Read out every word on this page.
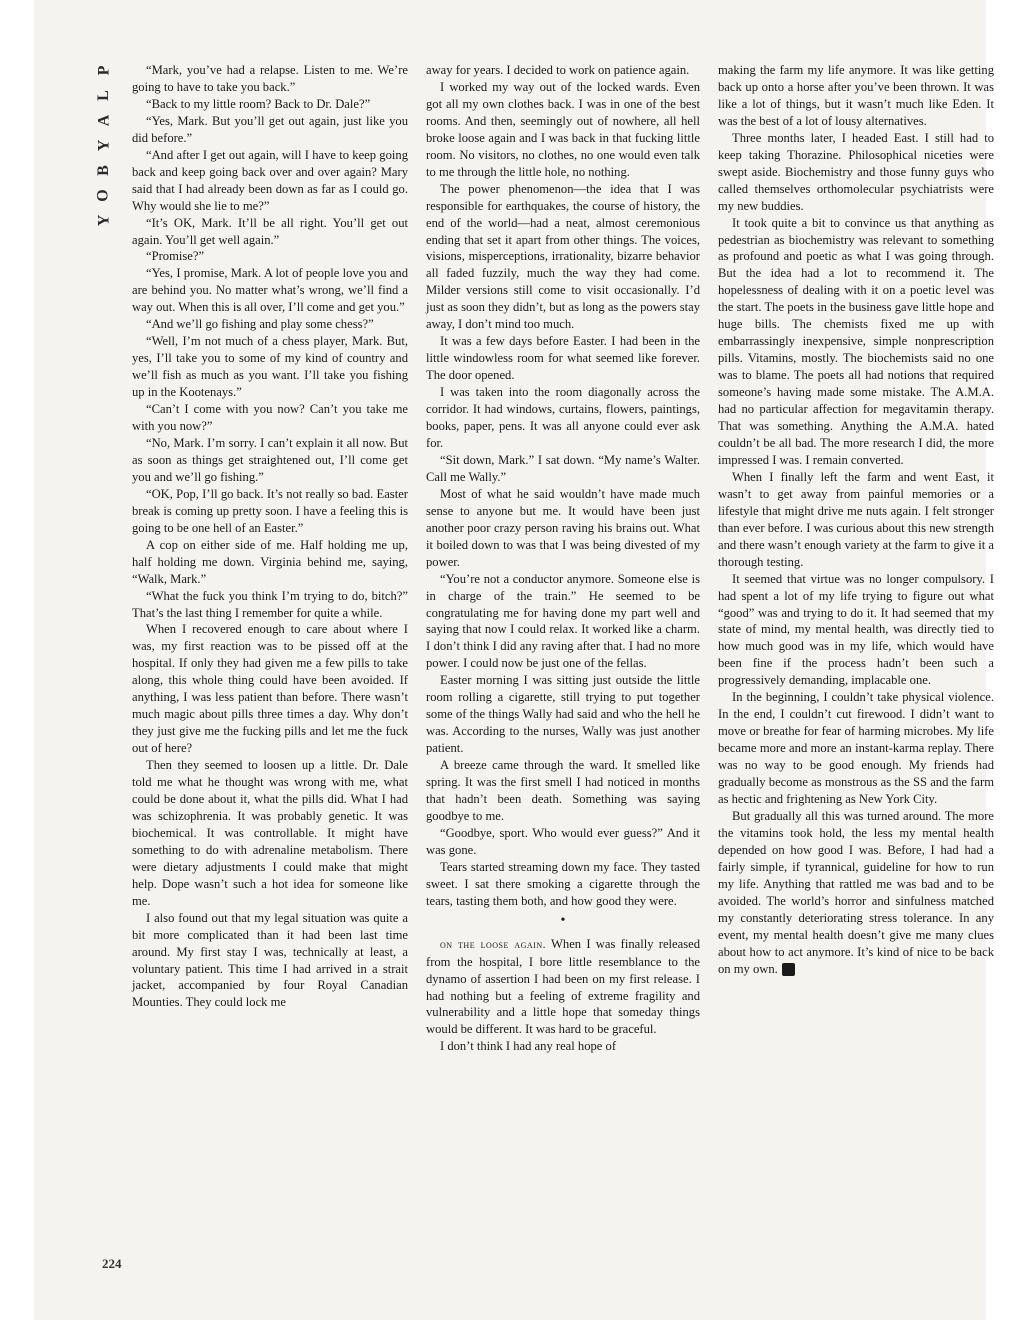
P
L
A
Y
B
O
Y

“Mark, you’ve had a relapse. Listen to me. We’re going to have to take you back.”

“Back to my little room? Back to Dr. Dale?”

“Yes, Mark. But you’ll get out again, just like you did before.”

“And after I get out again, will I have to keep going back and keep going back over and over again? Mary said that I had already been down as far as I could go. Why would she lie to me?”

“It’s OK, Mark. It’ll be all right. You’ll get out again. You’ll get well again.”

“Promise?”

“Yes, I promise, Mark. A lot of people love you and are behind you. No matter what’s wrong, we’ll find a way out. When this is all over, I’ll come and get you.”

“And we’ll go fishing and play some chess?”

“Well, I’m not much of a chess player, Mark. But, yes, I’ll take you to some of my kind of country and we’ll fish as much as you want. I’ll take you fishing up in the Kootenays.”

“Can’t I come with you now? Can’t you take me with you now?”

“No, Mark. I’m sorry. I can’t explain it all now. But as soon as things get straightened out, I’ll come get you and we’ll go fishing.”

“OK, Pop, I’ll go back. It’s not really so bad. Easter break is coming up pretty soon. I have a feeling this is going to be one hell of an Easter.”

A cop on either side of me. Half holding me up, half holding me down. Virginia behind me, saying, “Walk, Mark.”

“What the fuck you think I’m trying to do, bitch?” That’s the last thing I remember for quite a while.

When I recovered enough to care about where I was, my first reaction was to be pissed off at the hospital. If only they had given me a few pills to take along, this whole thing could have been avoided. If anything, I was less patient than before. There wasn’t much magic about pills three times a day. Why don’t they just give me the fucking pills and let me the fuck out of here?

Then they seemed to loosen up a little. Dr. Dale told me what he thought was wrong with me, what could be done about it, what the pills did. What I had was schizophrenia. It was probably genetic. It was biochemical. It was controllable. It might have something to do with adrenaline metabolism. There were dietary adjustments I could make that might help. Dope wasn’t such a hot idea for someone like me.

I also found out that my legal situation was quite a bit more complicated than it had been last time around. My first stay I was, technically at least, a voluntary patient. This time I had arrived in a strait jacket, accompanied by four Royal Canadian Mounties. They could lock me

away for years. I decided to work on patience again.

I worked my way out of the locked wards. Even got all my own clothes back. I was in one of the best rooms. And then, seemingly out of nowhere, all hell broke loose again and I was back in that fucking little room. No visitors, no clothes, no one would even talk to me through the little hole, no nothing.

The power phenomenon—the idea that I was responsible for earthquakes, the course of history, the end of the world—had a neat, almost ceremonious ending that set it apart from other things. The voices, visions, misperceptions, irrationality, bizarre behavior all faded fuzzily, much the way they had come. Milder versions still come to visit occasionally. I’d just as soon they didn’t, but as long as the powers stay away, I don’t mind too much.

It was a few days before Easter. I had been in the little windowless room for what seemed like forever. The door opened.

I was taken into the room diagonally across the corridor. It had windows, curtains, flowers, paintings, books, paper, pens. It was all anyone could ever ask for.

“Sit down, Mark.” I sat down. “My name’s Walter. Call me Wally.”

Most of what he said wouldn’t have made much sense to anyone but me. It would have been just another poor crazy person raving his brains out. What it boiled down to was that I was being divested of my power.

“You’re not a conductor anymore. Someone else is in charge of the train.” He seemed to be congratulating me for having done my part well and saying that now I could relax. It worked like a charm. I don’t think I did any raving after that. I had no more power. I could now be just one of the fellas.

Easter morning I was sitting just outside the little room rolling a cigarette, still trying to put together some of the things Wally had said and who the hell he was. According to the nurses, Wally was just another patient.

A breeze came through the ward. It smelled like spring. It was the first smell I had noticed in months that hadn’t been death. Something was saying goodbye to me.

“Goodbye, sport. Who would ever guess?” And it was gone.

Tears started streaming down my face. They tasted sweet. I sat there smoking a cigarette through the tears, tasting them both, and how good they were.

•

on the loose again. When I was finally released from the hospital, I bore little resemblance to the dynamo of assertion I had been on my first release. I had nothing but a feeling of extreme fragility and vulnerability and a little hope that someday things would be different. It was hard to be graceful.

I don’t think I had any real hope of

making the farm my life anymore. It was like getting back up onto a horse after you’ve been thrown. It was like a lot of things, but it wasn’t much like Eden. It was the best of a lot of lousy alternatives.

Three months later, I headed East. I still had to keep taking Thorazine. Philosophical niceties were swept aside. Biochemistry and those funny guys who called themselves orthomolecular psychiatrists were my new buddies.

It took quite a bit to convince us that anything as pedestrian as biochemistry was relevant to something as profound and poetic as what I was going through. But the idea had a lot to recommend it. The hopelessness of dealing with it on a poetic level was the start. The poets in the business gave little hope and huge bills. The chemists fixed me up with embarrassingly inexpensive, simple nonprescription pills. Vitamins, mostly. The biochemists said no one was to blame. The poets all had notions that required someone’s having made some mistake. The A.M.A. had no particular affection for megavitamin therapy. That was something. Anything the A.M.A. hated couldn’t be all bad. The more research I did, the more impressed I was. I remain converted.

When I finally left the farm and went East, it wasn’t to get away from painful memories or a lifestyle that might drive me nuts again. I felt stronger than ever before. I was curious about this new strength and there wasn’t enough variety at the farm to give it a thorough testing.

It seemed that virtue was no longer compulsory. I had spent a lot of my life trying to figure out what “good” was and trying to do it. It had seemed that my state of mind, my mental health, was directly tied to how much good was in my life, which would have been fine if the process hadn’t been such a progressively demanding, implacable one.

In the beginning, I couldn’t take physical violence. In the end, I couldn’t cut firewood. I didn’t want to move or breathe for fear of harming microbes. My life became more and more an instant-karma replay. There was no way to be good enough. My friends had gradually become as monstrous as the SS and the farm as hectic and frightening as New York City.

But gradually all this was turned around. The more the vitamins took hold, the less my mental health depended on how good I was. Before, I had had a fairly simple, if tyrannical, guideline for how to run my life. Anything that rattled me was bad and to be avoided. The world’s horror and sinfulness matched my constantly deteriorating stress tolerance. In any event, my mental health doesn’t give me many clues about how to act anymore. It’s kind of nice to be back on my own. ♠

224
